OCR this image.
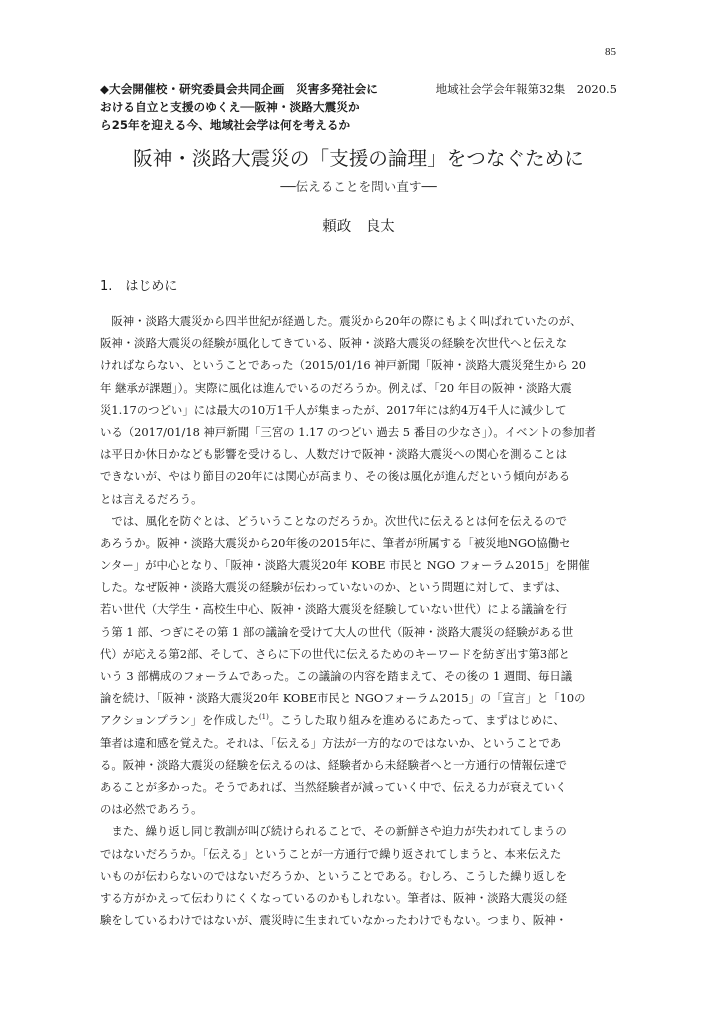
85
◆大会開催校・研究委員会共同企画　災害多発社会に
おける自立と支援のゆくえ──阪神・淡路大震災か
ら25年を迎える今、地域社会学は何を考えるか
地域社会学会年報第32集　2020.5
阪神・淡路大震災の「支援の論理」をつなぐために
──伝えることを問い直す──
頼政　良太
1.　はじめに
　阪神・淡路大震災から四半世紀が経過した。震災から20年の際にもよく叫ばれていたのが、
阪神・淡路大震災の経験が風化してきている、阪神・淡路大震災の経験を次世代へと伝えな
ければならない、ということであった（2015/01/16 神戸新聞「阪神・淡路大震災発生から 20
年 継承が課題」）。実際に風化は進んでいるのだろうか。例えば、「20 年目の阪神・淡路大震
災1.17のつどい」には最大の10万1千人が集まったが、2017年には約4万4千人に減少して
いる（2017/01/18 神戸新聞「三宮の 1.17 のつどい 過去 5 番目の少なさ」）。イベントの参加者
は平日か休日かなども影響を受けるし、人数だけで阪神・淡路大震災への関心を測ることは
できないが、やはり節目の20年には関心が高まり、その後は風化が進んだという傾向がある
とは言えるだろう。
　では、風化を防ぐとは、どういうことなのだろうか。次世代に伝えるとは何を伝えるので
あろうか。阪神・淡路大震災から20年後の2015年に、筆者が所属する「被災地NGO協働セ
ンター」が中心となり、「阪神・淡路大震災20年 KOBE 市民と NGO フォーラム2015」を開催
した。なぜ阪神・淡路大震災の経験が伝わっていないのか、という問題に対して、まずは、
若い世代（大学生・高校生中心、阪神・淡路大震災を経験していない世代）による議論を行
う第 1 部、つぎにその第 1 部の議論を受けて大人の世代（阪神・淡路大震災の経験がある世
代）が応える第2部、そして、さらに下の世代に伝えるためのキーワードを紡ぎ出す第3部と
いう 3 部構成のフォーラムであった。この議論の内容を踏まえて、その後の 1 週間、毎日議
論を続け、「阪神・淡路大震災20年 KOBE市民と NGOフォーラム2015」の「宣言」と「10の
アクションプラン」を作成した$^{(1)}$。こうした取り組みを進めるにあたって、まずはじめに、
筆者は違和感を覚えた。それは、「伝える」方法が一方的なのではないか、ということであ
る。阪神・淡路大震災の経験を伝えるのは、経験者から未経験者へと一方通行の情報伝達で
あることが多かった。そうであれば、当然経験者が減っていく中で、伝える力が衰えていく
のは必然であろう。
　また、繰り返し同じ教訓が叫び続けられることで、その新鮮さや迫力が失われてしまうの
ではないだろうか。「伝える」ということが一方通行で繰り返されてしまうと、本来伝えた
いものが伝わらないのではないだろうか、ということである。むしろ、こうした繰り返しを
する方がかえって伝わりにくくなっているのかもしれない。筆者は、阪神・淡路大震災の経
験をしているわけではないが、震災時に生まれていなかったわけでもない。つまり、阪神・
